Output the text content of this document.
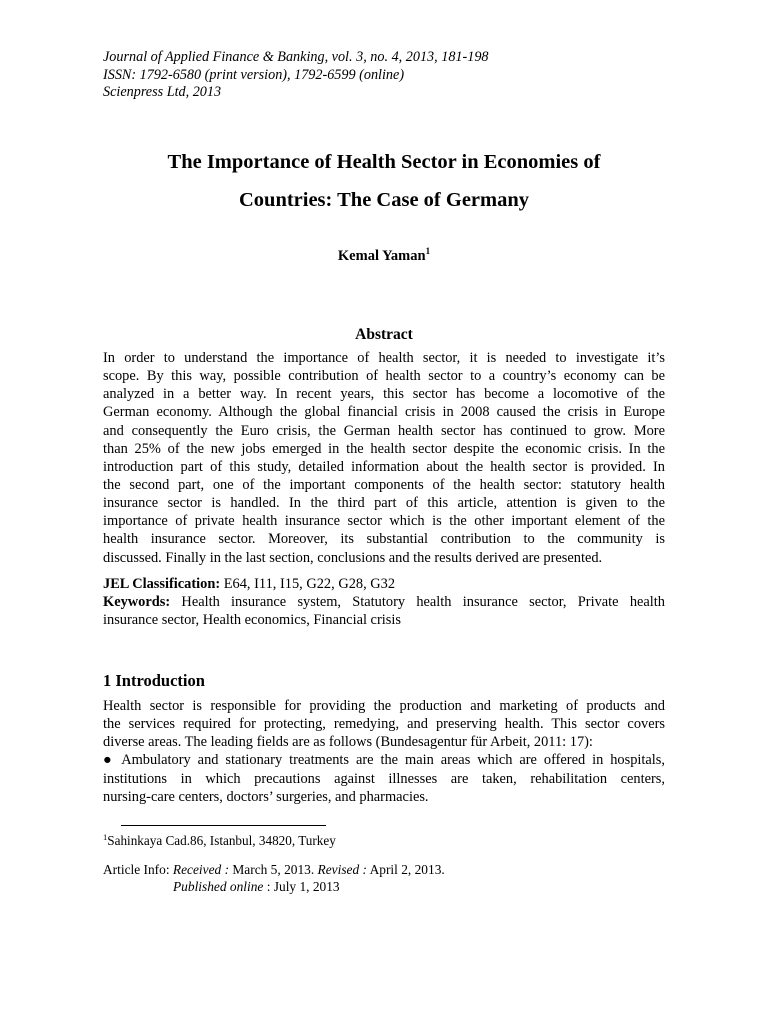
Journal of Applied Finance & Banking, vol. 3, no. 4, 2013, 181-198
ISSN: 1792-6580 (print version), 1792-6599 (online)
Scienpress Ltd, 2013
The Importance of Health Sector in Economies of
Countries: The Case of Germany
Kemal Yaman$^1$
Abstract
In order to understand the importance of health sector, it is needed to investigate it’s
scope. By this way, possible contribution of health sector to a country’s economy can be
analyzed in a better way. In recent years, this sector has become a locomotive of the
German economy. Although the global financial crisis in 2008 caused the crisis in Europe
and consequently the Euro crisis, the German health sector has continued to grow. More
than 25% of the new jobs emerged in the health sector despite the economic crisis. In the
introduction part of this study, detailed information about the health sector is provided. In
the second part, one of the important components of the health sector: statutory health
insurance sector is handled. In the third part of this article, attention is given to the
importance of private health insurance sector which is the other important element of the
health insurance sector. Moreover, its substantial contribution to the community is
discussed. Finally in the last section, conclusions and the results derived are presented.
JEL Classification: E64, I11, I15, G22, G28, G32
Keywords: Health insurance system, Statutory health insurance sector, Private health
insurance sector, Health economics, Financial crisis
1 Introduction
Health sector is responsible for providing the production and marketing of products and
the services required for protecting, remedying, and preserving health. This sector covers
diverse areas. The leading fields are as follows (Bundesagentur für Arbeit, 2011: 17):
● Ambulatory and stationary treatments are the main areas which are offered in hospitals,
institutions in which precautions against illnesses are taken, rehabilitation centers,
nursing-care centers, doctors’ surgeries, and pharmacies.
$^1$Sahinkaya Cad.86, Istanbul, 34820, Turkey
Article Info: Received : March 5, 2013. Revised : April 2, 2013.
Published online : July 1, 2013
